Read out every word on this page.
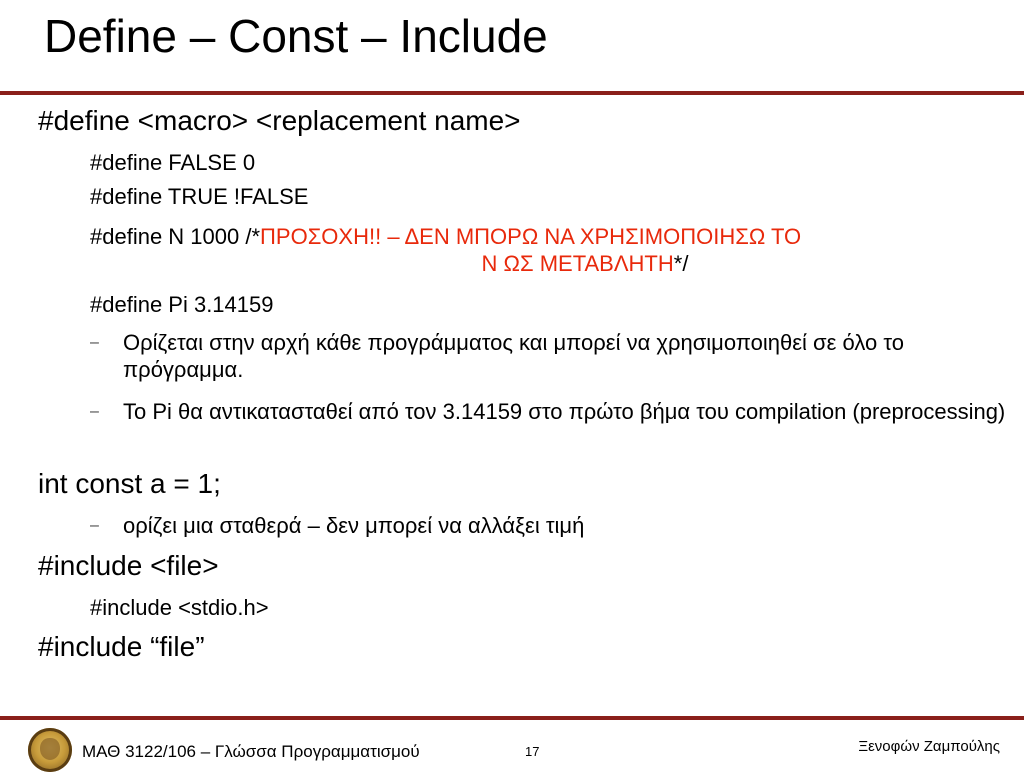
Define – Const – Include
#define <macro> <replacement name>
#define FALSE 0
#define TRUE !FALSE
#define N 1000 /*ΠΡΟΣΟΧΗ!! – ΔΕΝ ΜΠΟΡΩ ΝΑ ΧΡΗΣΙΜΟΠΟΙΗΣΩ ΤΟ
Ν ΩΣ ΜΕΤΑΒΛΗΤΗ*/
#define Pi 3.14159
– Ορίζεται στην αρχή κάθε προγράμματος και μπορεί να χρησιμοποιηθεί σε όλο το πρόγραμμα.
– Το Pi θα αντικατασταθεί από τον 3.14159 στο πρώτο βήμα του compilation (preprocessing)
int const a = 1;
– ορίζει μια σταθερά – δεν μπορεί να αλλάξει τιμή
#include <file>
#include <stdio.h>
#include “file”
ΜΑΘ 3122/106 – Γλώσσα Προγραμματισμού	17	Ξενοφών Ζαμπούλης
